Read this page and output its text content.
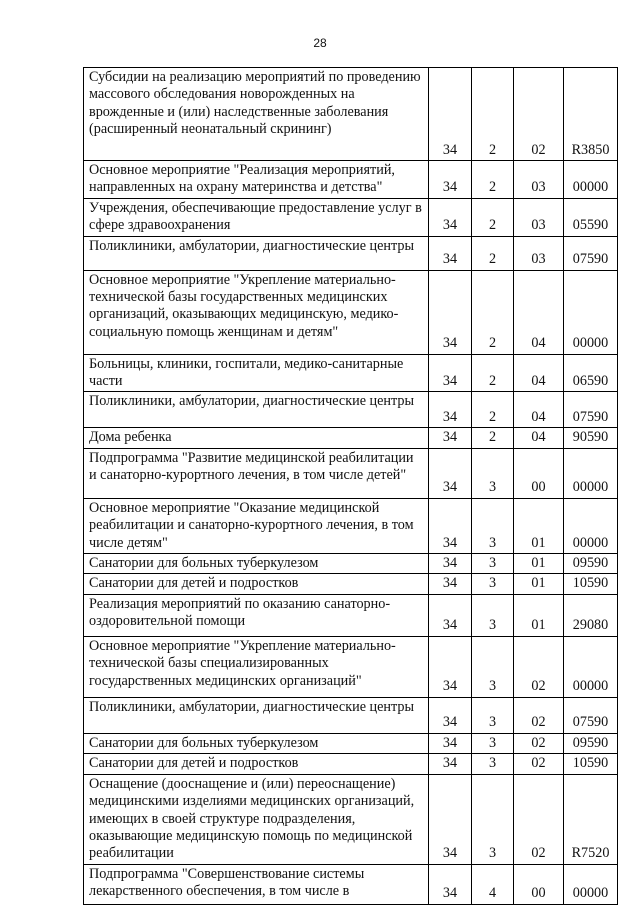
28
Субсидии на реализацию мероприятий по проведению массового обследования новорожденных на врожденные и (или) наследственные заболевания (расширенный неонатальный скрининг)	34	2	02	R3850
Основное мероприятие "Реализация мероприятий, направленных на охрану материнства и детства"	34	2	03	00000
Учреждения, обеспечивающие предоставление услуг в сфере здравоохранения	34	2	03	05590
Поликлиники, амбулатории, диагностические центры	34	2	03	07590
Основное мероприятие "Укрепление материально-технической базы государственных медицинских организаций, оказывающих медицинскую, медико-социальную помощь женщинам и детям"	34	2	04	00000
Больницы, клиники, госпитали, медико-санитарные части	34	2	04	06590
Поликлиники, амбулатории, диагностические центры	34	2	04	07590
Дома ребенка	34	2	04	90590
Подпрограмма "Развитие медицинской реабилитации и санаторно-курортного лечения, в том числе детей"	34	3	00	00000
Основное мероприятие "Оказание медицинской реабилитации и санаторно-курортного лечения, в том числе детям"	34	3	01	00000
Санатории для больных туберкулезом	34	3	01	09590
Санатории для детей и подростков	34	3	01	10590
Реализация мероприятий по оказанию санаторно-оздоровительной помощи	34	3	01	29080
Основное мероприятие "Укрепление материально-технической базы специализированных государственных медицинских организаций"	34	3	02	00000
Поликлиники, амбулатории, диагностические центры	34	3	02	07590
Санатории для больных туберкулезом	34	3	02	09590
Санатории для детей и подростков	34	3	02	10590
Оснащение (дооснащение и (или) переоснащение) медицинскими изделиями медицинских организаций, имеющих в своей структуре подразделения, оказывающие медицинскую помощь по медицинской реабилитации	34	3	02	R7520
Подпрограмма "Совершенствование системы лекарственного обеспечения, в том числе в	34	4	00	00000
